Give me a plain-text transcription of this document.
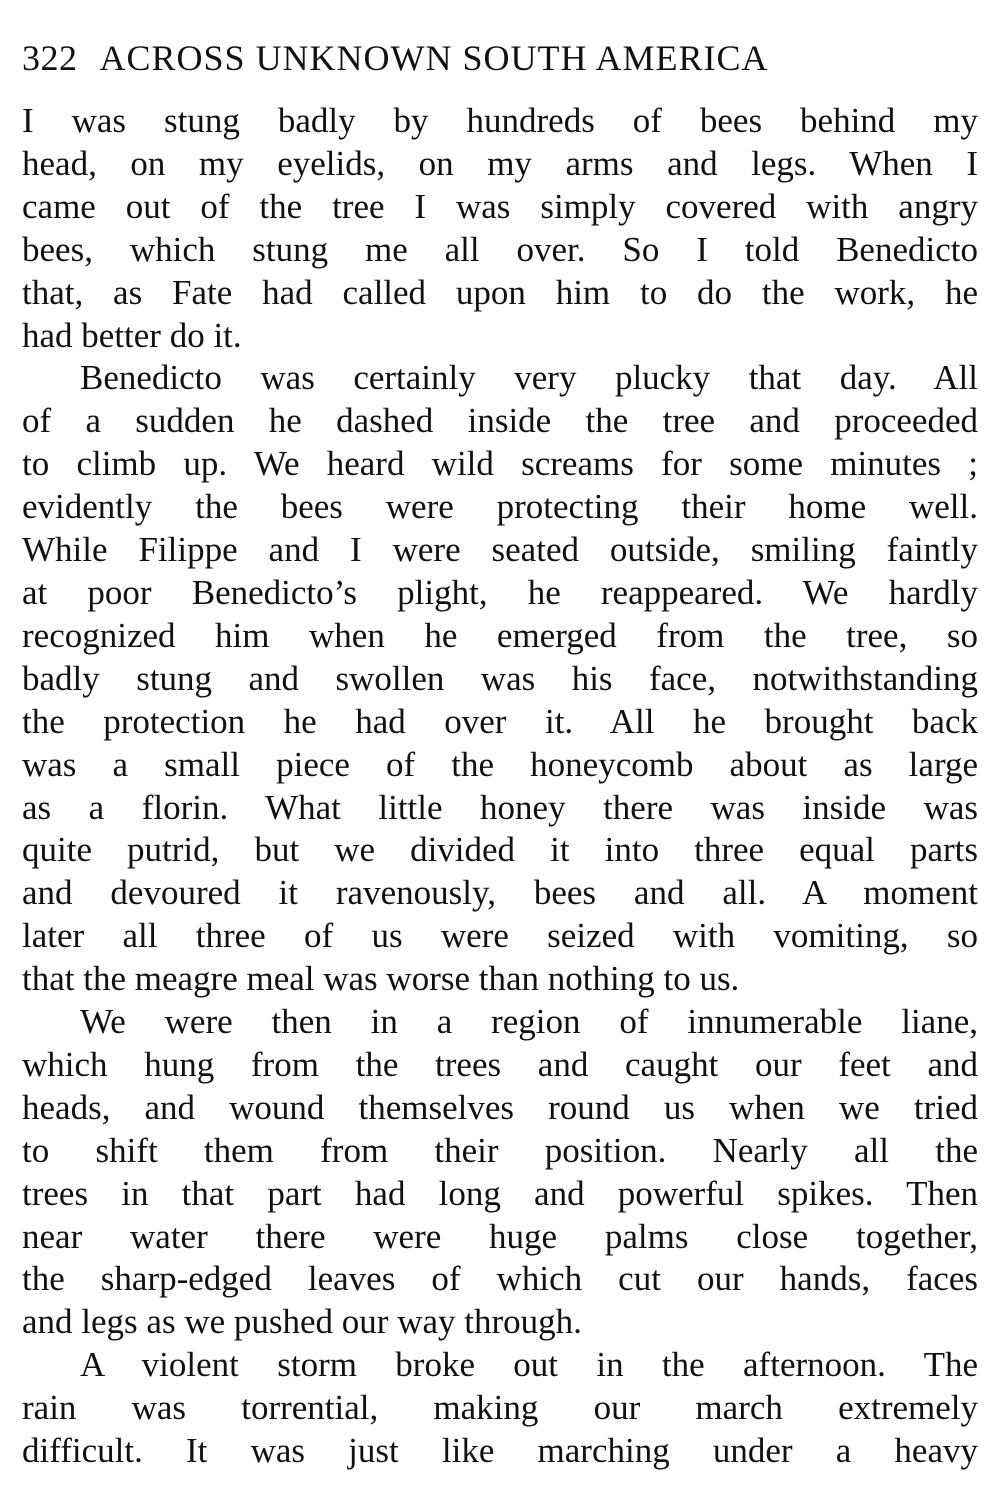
322 ACROSS UNKNOWN SOUTH AMERICA
I was stung badly by hundreds of bees behind my
head, on my eyelids, on my arms and legs. When I
came out of the tree I was simply covered with angry
bees, which stung me all over. So I told Benedicto
that, as Fate had called upon him to do the work, he
had better do it.
Benedicto was certainly very plucky that day. All
of a sudden he dashed inside the tree and proceeded
to climb up. We heard wild screams for some minutes ;
evidently the bees were protecting their home well.
While Filippe and I were seated outside, smiling faintly
at poor Benedicto’s plight, he reappeared. We hardly
recognized him when he emerged from the tree, so
badly stung and swollen was his face, notwithstanding
the protection he had over it. All he brought back
was a small piece of the honeycomb about as large
as a florin. What little honey there was inside was
quite putrid, but we divided it into three equal parts
and devoured it ravenously, bees and all. A moment
later all three of us were seized with vomiting, so
that the meagre meal was worse than nothing to us.
We were then in a region of innumerable liane,
which hung from the trees and caught our feet and
heads, and wound themselves round us when we tried
to shift them from their position. Nearly all the
trees in that part had long and powerful spikes. Then
near water there were huge palms close together,
the sharp-edged leaves of which cut our hands, faces
and legs as we pushed our way through.
A violent storm broke out in the afternoon. The
rain was torrential, making our march extremely
difficult. It was just like marching under a heavy
